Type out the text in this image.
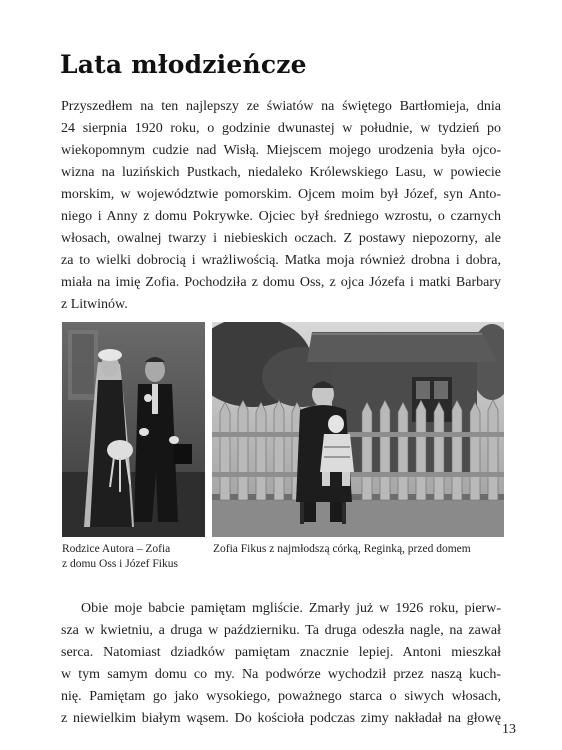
Lata młodzieńcze
Przyszedłem na ten najlepszy ze światów na świętego Bartłomieja, dnia
24 sierpnia 1920 roku, o godzinie dwunastej w południe, w tydzień po
wiekopomnym cudzie nad Wisłą. Miejscem mojego urodzenia była ojco-
wizna na luzińskich Pustkach, niedaleko Królewskiego Lasu, w powiecie
morskim, w województwie pomorskim. Ojcem moim był Józef, syn Anto-
niego i Anny z domu Pokrywke. Ojciec był średniego wzrostu, o czarnych
włosach, owalnej twarzy i niebieskich oczach. Z postawy niepozorny, ale
za to wielki dobrocią i wrażliwością. Matka moja również drobna i dobra,
miała na imię Zofia. Pochodziła z domu Oss, z ojca Józefa i matki Barbary
z Litwinów.
Rodzice Autora – Zofia
z domu Oss i Józef Fikus
Zofia Fikus z najmłodszą córką, Reginką, przed domem
Obie moje babcie pamiętam mgliście. Zmarły już w 1926 roku, pierw-
sza w kwietniu, a druga w październiku. Ta druga odeszła nagle, na zawał
serca. Natomiast dziadków pamiętam znacznie lepiej. Antoni mieszkał
w tym samym domu co my. Na podwórze wychodził przez naszą kuch-
nię. Pamiętam go jako wysokiego, poważnego starca o siwych włosach,
z niewielkim białym wąsem. Do kościoła podczas zimy nakładał na głowę
13
